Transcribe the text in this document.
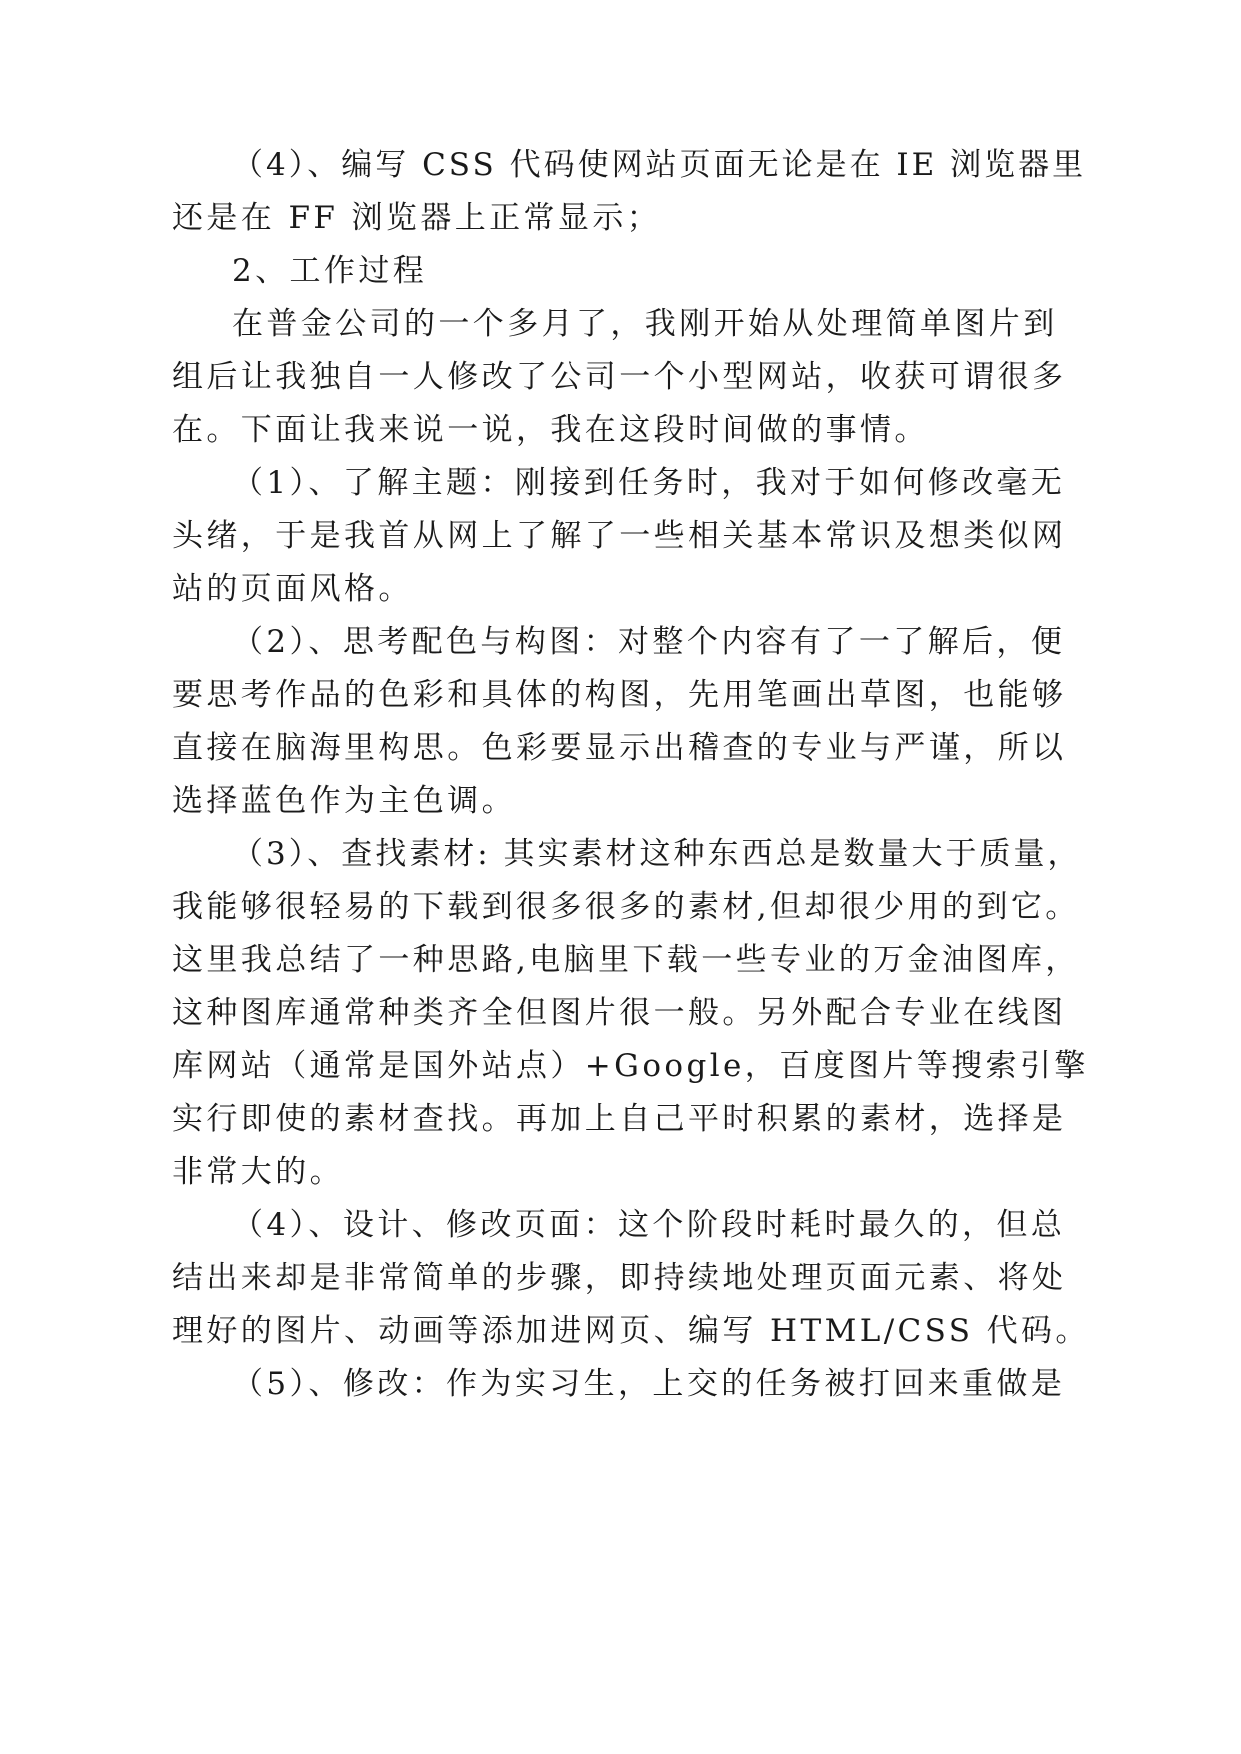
（4）、编写 CSS 代码使网站页面无论是在 IE 浏览器里
还是在 FF 浏览器上正常显示；
2、工作过程
在普金公司的一个多月了，我刚开始从处理简单图片到
组后让我独自一人修改了公司一个小型网站，收获可谓很多
在。下面让我来说一说，我在这段时间做的事情。
（1）、了解主题：刚接到任务时，我对于如何修改毫无
头绪，于是我首从网上了解了一些相关基本常识及想类似网
站的页面风格。
（2）、思考配色与构图：对整个内容有了一了解后，便
要思考作品的色彩和具体的构图，先用笔画出草图，也能够
直接在脑海里构思。色彩要显示出稽查的专业与严谨，所以
选择蓝色作为主色调。
（3）、查找素材: 其实素材这种东西总是数量大于质量，
我能够很轻易的下载到很多很多的素材,但却很少用的到它。
这里我总结了一种思路,电脑里下载一些专业的万金油图库，
这种图库通常种类齐全但图片很一般。另外配合专业在线图
库网站（通常是国外站点）+Google，百度图片等搜索引擎
实行即使的素材查找。再加上自己平时积累的素材，选择是
非常大的。
（4）、设计、修改页面：这个阶段时耗时最久的，但总
结出来却是非常简单的步骤，即持续地处理页面元素、将处
理好的图片、动画等添加进网页、编写 HTML/CSS 代码。
（5）、修改：作为实习生，上交的任务被打回来重做是
